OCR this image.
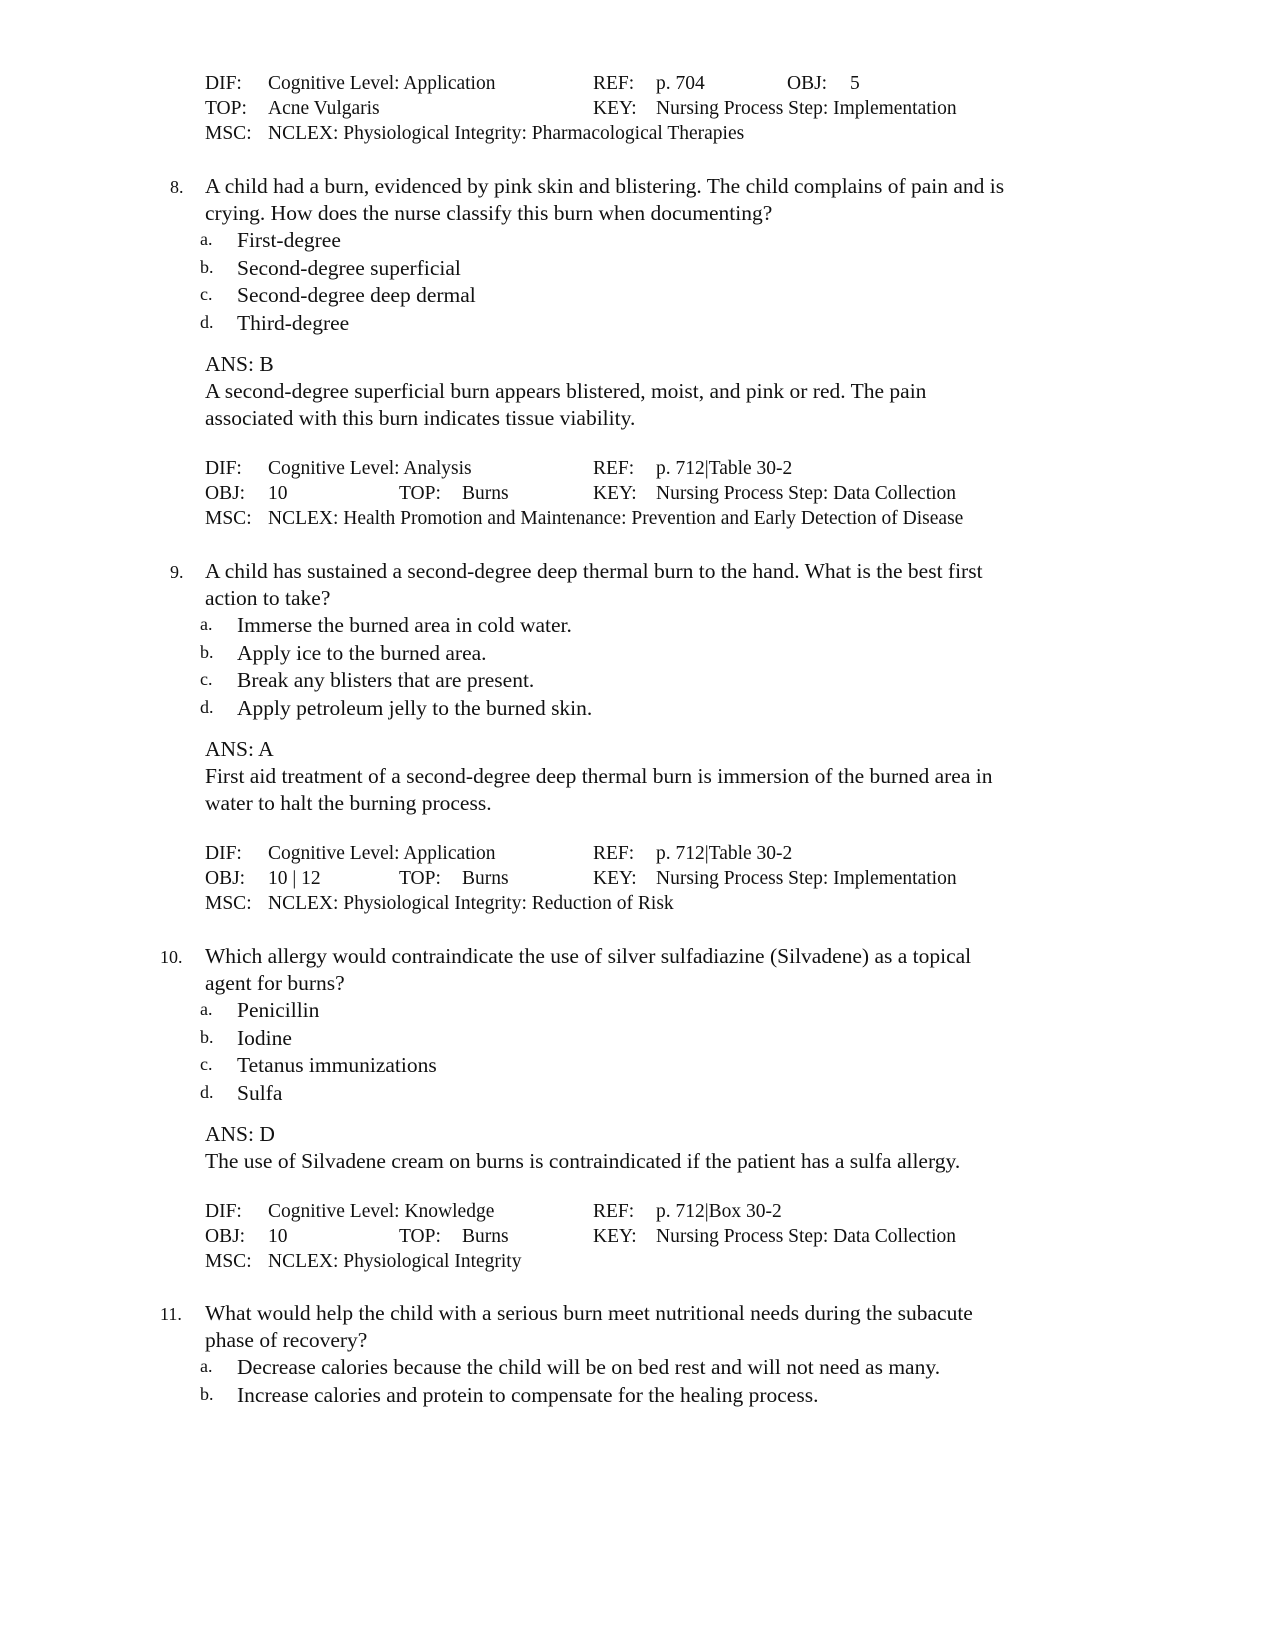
DIF: Cognitive Level: Application	REF: p. 704	OBJ: 5
TOP: Acne Vulgaris	KEY: Nursing Process Step: Implementation
MSC: NCLEX: Physiological Integrity: Pharmacological Therapies
8. A child had a burn, evidenced by pink skin and blistering. The child complains of pain and is
crying. How does the nurse classify this burn when documenting?
a. First-degree
b. Second-degree superficial
c. Second-degree deep dermal
d. Third-degree
ANS: B
A second-degree superficial burn appears blistered, moist, and pink or red. The pain
associated with this burn indicates tissue viability.
DIF: Cognitive Level: Analysis	REF: p. 712|Table 30-2
OBJ: 10	TOP: Burns	KEY: Nursing Process Step: Data Collection
MSC: NCLEX: Health Promotion and Maintenance: Prevention and Early Detection of Disease
9. A child has sustained a second-degree deep thermal burn to the hand. What is the best first
action to take?
a. Immerse the burned area in cold water.
b. Apply ice to the burned area.
c. Break any blisters that are present.
d. Apply petroleum jelly to the burned skin.
ANS: A
First aid treatment of a second-degree deep thermal burn is immersion of the burned area in
water to halt the burning process.
DIF: Cognitive Level: Application	REF: p. 712|Table 30-2
OBJ: 10 | 12	TOP: Burns	KEY: Nursing Process Step: Implementation
MSC: NCLEX: Physiological Integrity: Reduction of Risk
10. Which allergy would contraindicate the use of silver sulfadiazine (Silvadene) as a topical
agent for burns?
a. Penicillin
b. Iodine
c. Tetanus immunizations
d. Sulfa
ANS: D
The use of Silvadene cream on burns is contraindicated if the patient has a sulfa allergy.
DIF: Cognitive Level: Knowledge	REF: p. 712|Box 30-2
OBJ: 10	TOP: Burns	KEY: Nursing Process Step: Data Collection
MSC: NCLEX: Physiological Integrity
11. What would help the child with a serious burn meet nutritional needs during the subacute
phase of recovery?
a. Decrease calories because the child will be on bed rest and will not need as many.
b. Increase calories and protein to compensate for the healing process.
